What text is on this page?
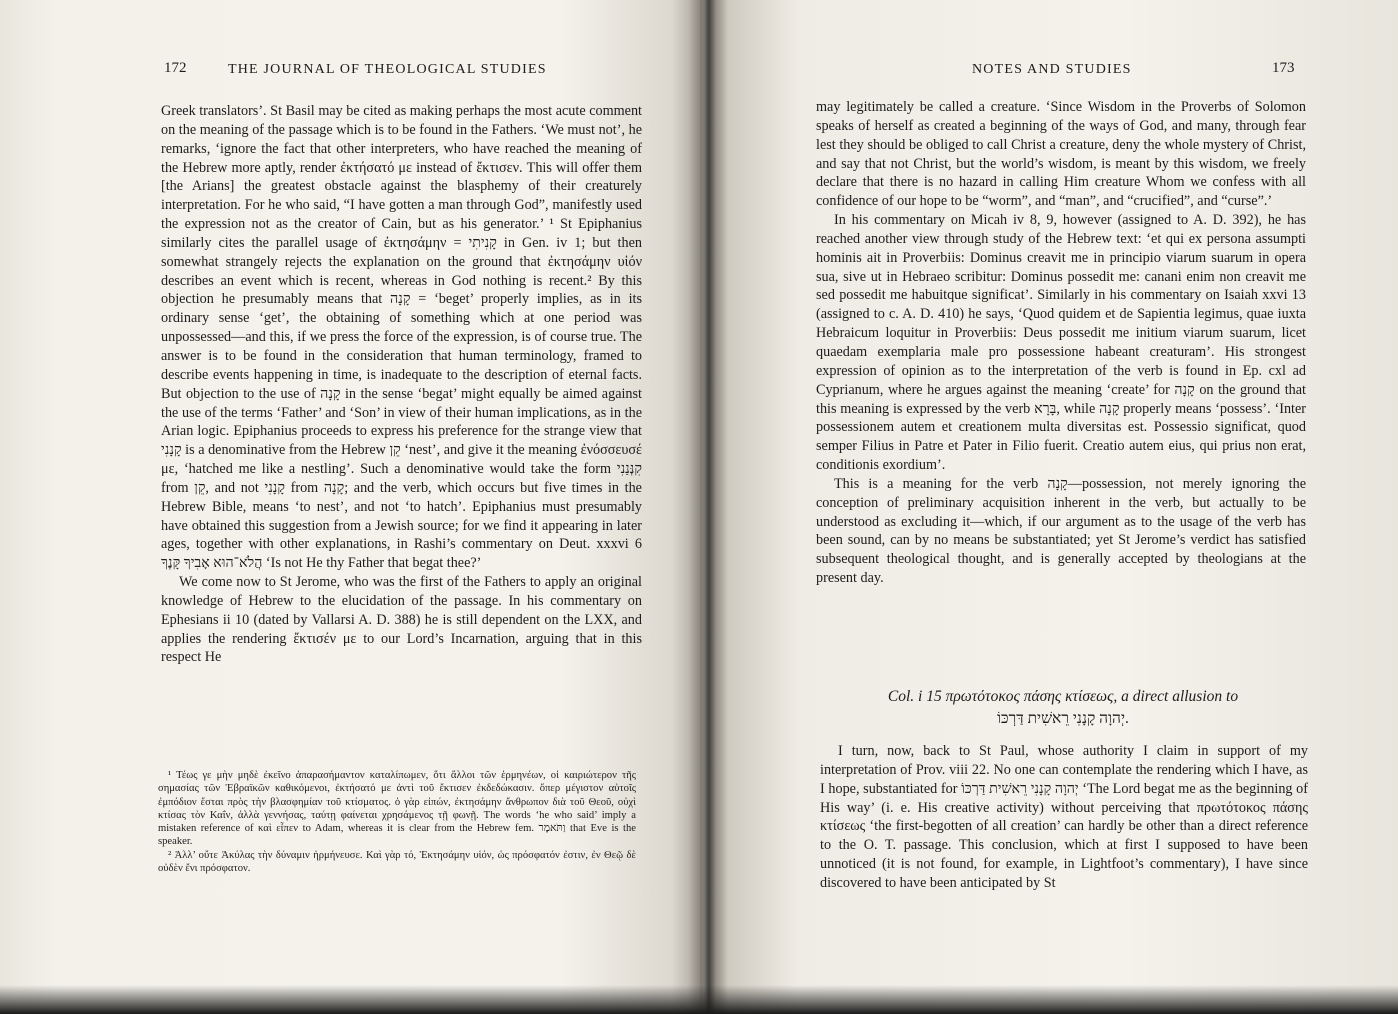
172	THE JOURNAL OF THEOLOGICAL STUDIES

Greek translators’. St Basil may be cited as making perhaps the most acute comment on the meaning of the passage which is to be found in the Fathers. ‘We must not’, he remarks, ‘ignore the fact that other interpreters, who have reached the meaning of the Hebrew more aptly, render ἐκτήσατό με instead of ἔκτισεν. This will offer them [the Arians] the greatest obstacle against the blasphemy of their creaturely interpretation. For he who said, “I have gotten a man through God”, manifestly used the expression not as the creator of Cain, but as his generator.’ ¹ St Epiphanius similarly cites the parallel usage of ἐκτησάμην = קָנִיתִי in Gen. iv 1; but then somewhat strangely rejects the explanation on the ground that ἐκτησάμην υἱόν describes an event which is recent, whereas in God nothing is recent.² By this objection he presumably means that קָנָה = ‘beget’ properly implies, as in its ordinary sense ‘get’, the obtaining of something which at one period was unpossessed—and this, if we press the force of the expression, is of course true. The answer is to be found in the consideration that human terminology, framed to describe events happening in time, is inadequate to the description of eternal facts. But objection to the use of קָנָה in the sense ‘begat’ might equally be aimed against the use of the terms ‘Father’ and ‘Son’ in view of their human implications, as in the Arian logic. Epiphanius proceeds to express his preference for the strange view that קָנָנִי is a denominative from the Hebrew קֵן ‘nest’, and give it the meaning ἐνόσσευσέ με, ‘hatched me like a nestling’. Such a denominative would take the form קִנְּנַנִי from קֵן, and not קָנָנִי from קָנָה; and the verb, which occurs but five times in the Hebrew Bible, means ‘to nest’, and not ‘to hatch’. Epiphanius must presumably have obtained this suggestion from a Jewish source; for we find it appearing in later ages, together with other explanations, in Rashi’s commentary on Deut. xxxvi 6 הֲלֹא־הוּא אָבִיךָ קָּנֶךָ ‘Is not He thy Father that begat thee?’

We come now to St Jerome, who was the first of the Fathers to apply an original knowledge of Hebrew to the elucidation of the passage. In his commentary on Ephesians ii 10 (dated by Vallarsi A. D. 388) he is still dependent on the LXX, and applies the rendering ἔκτισέν με to our Lord’s Incarnation, arguing that in this respect He

¹ Τέως γε μὴν μηδὲ ἐκεῖνο ἀπαρασήμαντον καταλίπωμεν, ὅτι ἄλλοι τῶν ἑρμηνέων, οἱ καιριώτερον τῆς σημασίας τῶν Ἑβραϊκῶν καθικόμενοι, ἐκτήσατό με ἀντὶ τοῦ ἔκτισεν ἐκδεδώκασιν. ὅπερ μέγιστον αὐτοῖς ἐμπόδιον ἔσται πρὸς τὴν βλασφημίαν τοῦ κτίσματος. ὁ γὰρ εἰπών, ἐκτησάμην ἄνθρωπον διὰ τοῦ Θεοῦ, οὐχὶ κτίσας τὸν Καΐν, ἀλλὰ γεννήσας, ταύτῃ φαίνεται χρησάμενος τῇ φωνῇ. The words ‘he who said’ imply a mistaken reference of καὶ εἶπεν to Adam, whereas it is clear from the Hebrew fem. וַתֹּאמֶר that Eve is the speaker.

² Ἀλλ’ οὔτε Ἀκύλας τὴν δύναμιν ἡρμήνευσε. Καὶ γὰρ τό, Ἐκτησάμην υἱόν, ὡς πρόσφατόν ἐστιν, ἐν Θεῷ δὲ οὐδὲν ἔνι πρόσφατον.

NOTES AND STUDIES	173

may legitimately be called a creature. ‘Since Wisdom in the Proverbs of Solomon speaks of herself as created a beginning of the ways of God, and many, through fear lest they should be obliged to call Christ a creature, deny the whole mystery of Christ, and say that not Christ, but the world’s wisdom, is meant by this wisdom, we freely declare that there is no hazard in calling Him creature Whom we confess with all confidence of our hope to be “worm”, and “man”, and “crucified”, and “curse”.’

In his commentary on Micah iv 8, 9, however (assigned to A. D. 392), he has reached another view through study of the Hebrew text: ‘et qui ex persona assumpti hominis ait in Proverbiis: Dominus creavit me in principio viarum suarum in opera sua, sive ut in Hebraeo scribitur: Dominus possedit me: canani enim non creavit me sed possedit me habuitque significat’. Similarly in his commentary on Isaiah xxvi 13 (assigned to c. A. D. 410) he says, ‘Quod quidem et de Sapientia legimus, quae iuxta Hebraicum loquitur in Proverbiis: Deus possedit me initium viarum suarum, licet quaedam exemplaria male pro possessione habeant creaturam’. His strongest expression of opinion as to the interpretation of the verb is found in Ep. cxl ad Cyprianum, where he argues against the meaning ‘create’ for קָנָה on the ground that this meaning is expressed by the verb בָּרָא, while קָנָה properly means ‘possess’. ‘Inter possessionem autem et creationem multa diversitas est. Possessio significat, quod semper Filius in Patre et Pater in Filio fuerit. Creatio autem eius, qui prius non erat, conditionis exordium’.

This is a meaning for the verb קָנָה—possession, not merely ignoring the conception of preliminary acquisition inherent in the verb, but actually to be understood as excluding it—which, if our argument as to the usage of the verb has been sound, can by no means be substantiated; yet St Jerome’s verdict has satisfied subsequent theological thought, and is generally accepted by theologians at the present day.

I turn, now, back to St Paul, whose authority I claim in support of my interpretation of Prov. viii 22. No one can contemplate the rendering which I have, as I hope, substantiated for יְהוָה קָנָנִי רֵאשִׁית דַּרְכּוֹ ‘The Lord begat me as the beginning of His way’ (i. e. His creative activity) without perceiving that πρωτότοκος πάσης κτίσεως ‘the first-begotten of all creation’ can hardly be other than a direct reference to the O. T. passage. This conclusion, which at first I supposed to have been unnoticed (it is not found, for example, in Lightfoot’s commentary), I have since discovered to have been anticipated by St

Col. i 15 πρωτότοκος πάσης κτίσεως, a direct allusion to
יְהוָה קָנָנִי רֵאשִׁית דַּרְכּוֹ.
